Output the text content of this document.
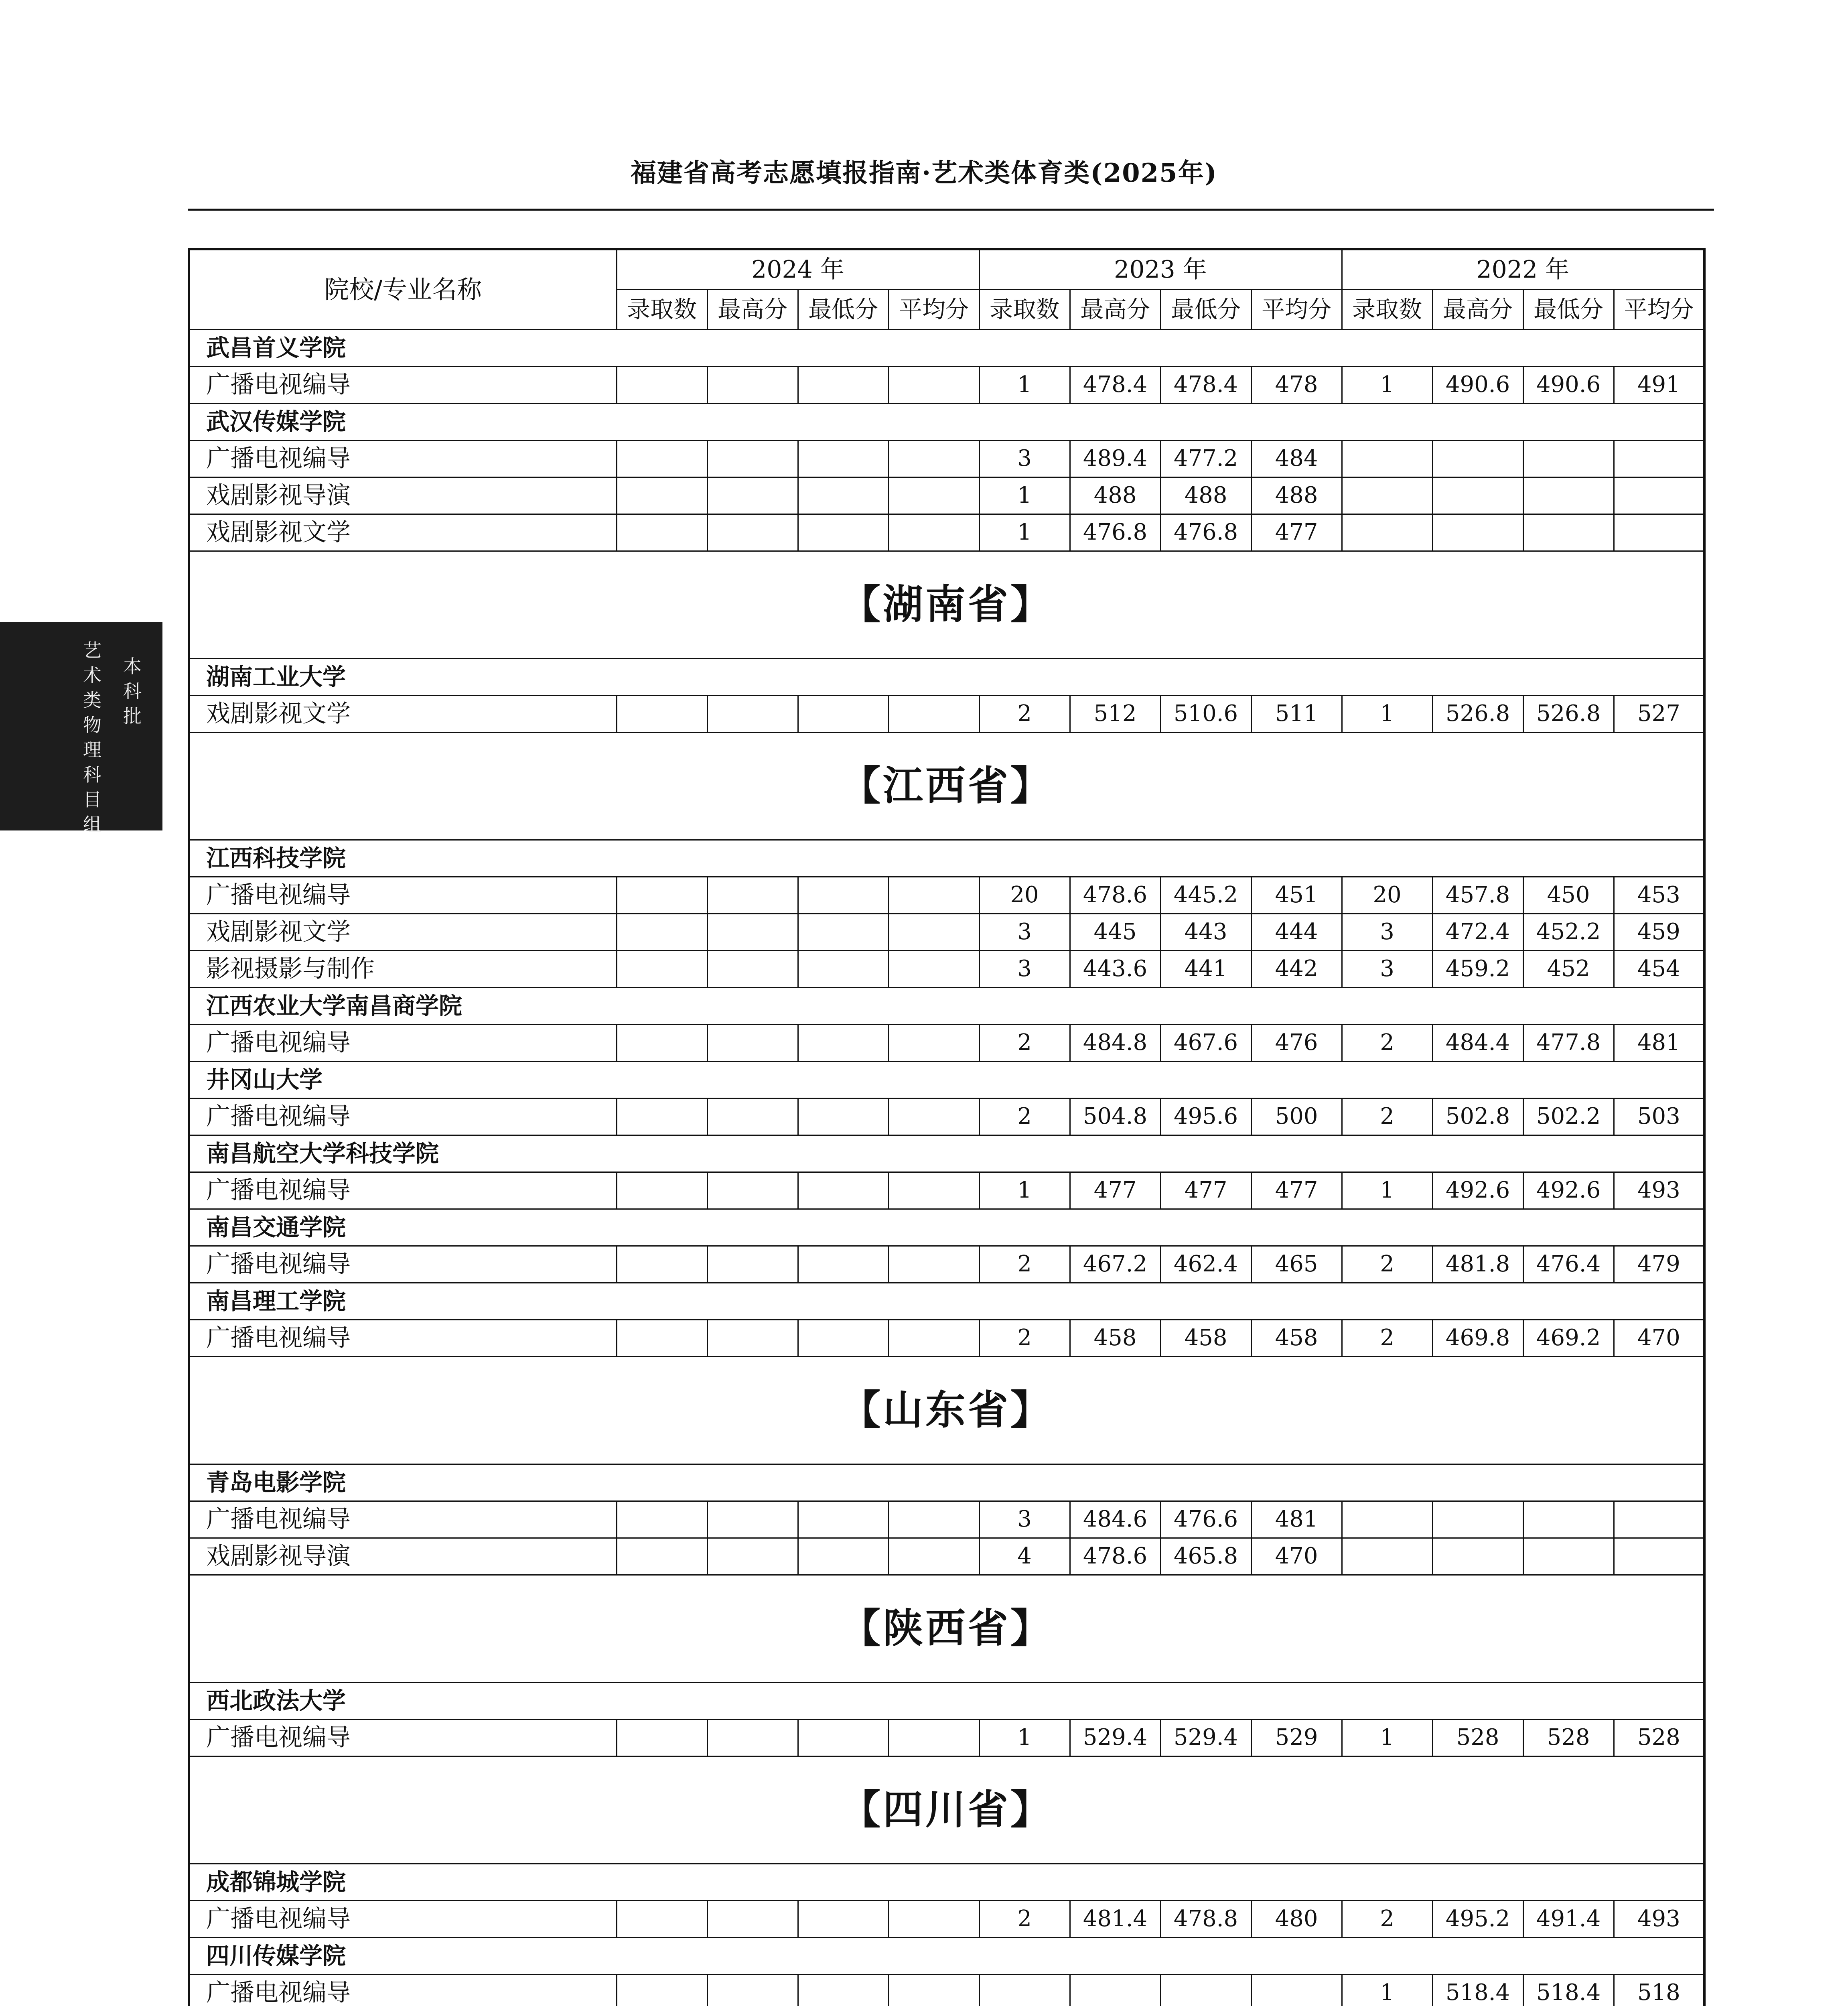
福建省高考志愿填报指南·艺术类体育类(2025年)
艺
术
类
物
理
科
目
组
本
科
批
院校/专业名称	2024 年				2023 年				2022 年			
	录取数	最高分	最低分	平均分	录取数	最高分	最低分	平均分	录取数	最高分	最低分	平均分
武昌首义学院												
广播电视编导					1	478.4	478.4	478	1	490.6	490.6	491
武汉传媒学院												
广播电视编导					3	489.4	477.2	484				
戏剧影视导演					1	488	488	488				
戏剧影视文学					1	476.8	476.8	477				
【湖南省】												
湖南工业大学												
戏剧影视文学					2	512	510.6	511	1	526.8	526.8	527
【江西省】												
江西科技学院												
广播电视编导					20	478.6	445.2	451	20	457.8	450	453
戏剧影视文学					3	445	443	444	3	472.4	452.2	459
影视摄影与制作					3	443.6	441	442	3	459.2	452	454
江西农业大学南昌商学院												
广播电视编导					2	484.8	467.6	476	2	484.4	477.8	481
井冈山大学												
广播电视编导					2	504.8	495.6	500	2	502.8	502.2	503
南昌航空大学科技学院												
广播电视编导					1	477	477	477	1	492.6	492.6	493
南昌交通学院												
广播电视编导					2	467.2	462.4	465	2	481.8	476.4	479
南昌理工学院												
广播电视编导					2	458	458	458	2	469.8	469.2	470
【山东省】												
青岛电影学院												
广播电视编导					3	484.6	476.6	481				
戏剧影视导演					4	478.6	465.8	470				
【陕西省】												
西北政法大学												
广播电视编导					1	529.4	529.4	529	1	528	528	528
【四川省】												
成都锦城学院												
广播电视编导					2	481.4	478.8	480	2	495.2	491.4	493
四川传媒学院												
广播电视编导									1	518.4	518.4	518
